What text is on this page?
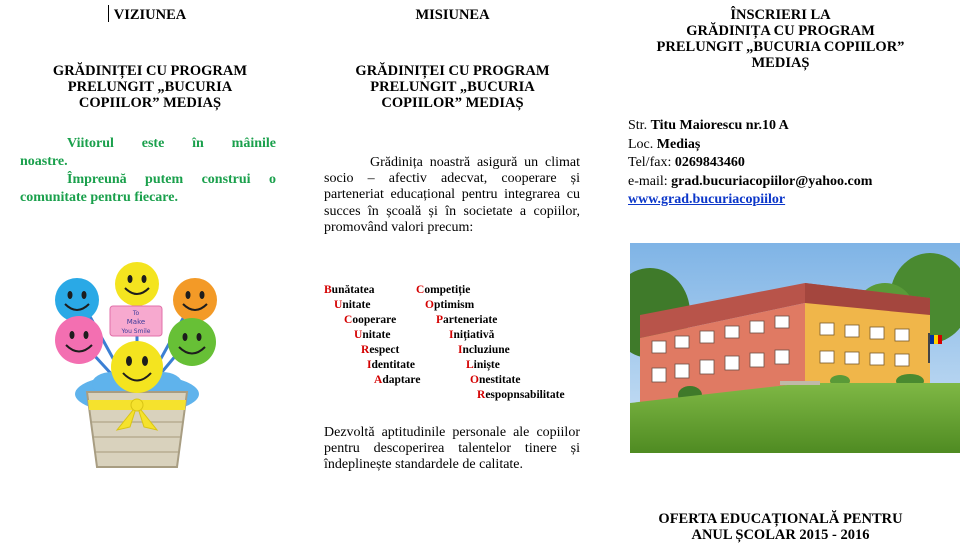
VIZIUNEA
GRĂDINIȚEI CU PROGRAM
PRELUNGIT „BUCURIA
COPIILOR” MEDIAȘ
Viitorul este în mâinile
noastre.
Împreună putem construi o
comunitate pentru fiecare.
To
Make
You Smile
MISIUNEA
GRĂDINIȚEI CU PROGRAM
PRELUNGIT „BUCURIA
COPIILOR” MEDIAȘ
Grădinița noastră asigură un climat socio – afectiv adecvat, cooperare și parteneriat educațional pentru integrarea cu succes în școală și în societate a copiilor, promovând valori precum:
Bunătatea
Unitate
Cooperare
Unitate
Respect
Identitate
Adaptare
Competiție
Optimism
Parteneriate
Inițiativă
Incluziune
Liniște
Onestitate
Respopnsabilitate
Dezvoltă aptitudinile personale ale copiilor pentru descoperirea talentelor tinere și îndeplinește standardele de calitate.
ÎNSCRIERI LA
GRĂDINIȚA CU PROGRAM
PRELUNGIT „BUCURIA COPIILOR”
MEDIAȘ
OFERTA EDUCAȚIONALĂ PENTRU
ANUL ȘCOLAR 2015 - 2016
Str. Titu Maiorescu nr.10 A
Loc. Mediaș
Tel/fax: 0269843460
e-mail: grad.bucuriacopiilor@yahoo.com
www.grad.bucuriacopiilor
